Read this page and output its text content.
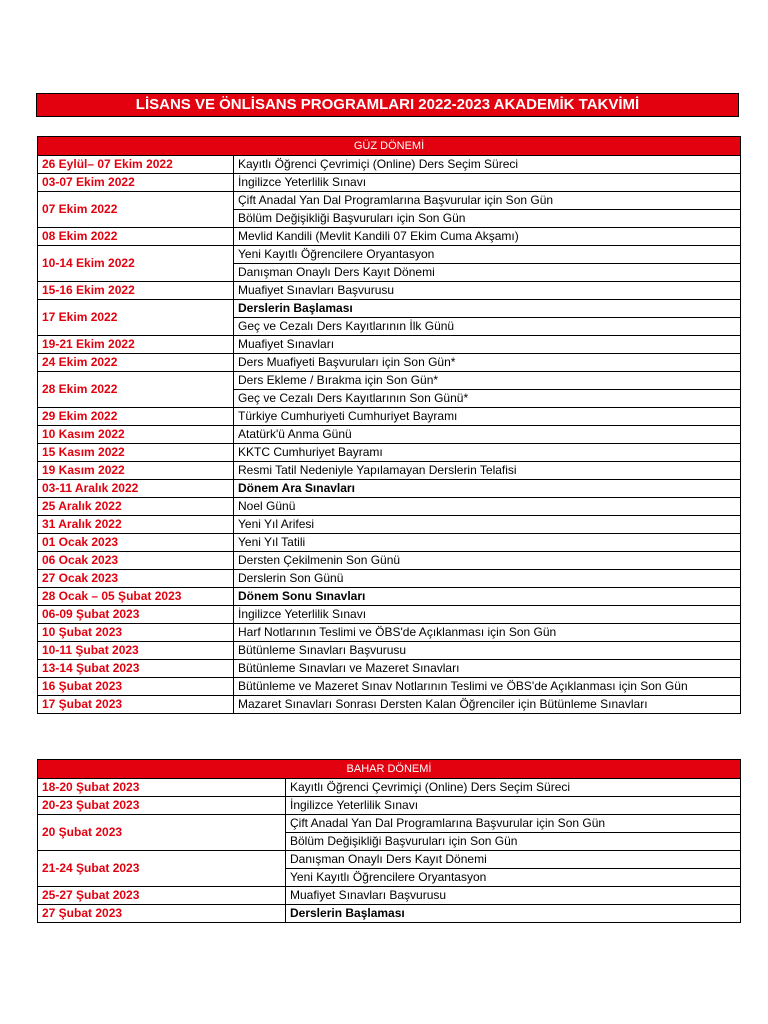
LİSANS VE ÖNLİSANS PROGRAMLARI 2022-2023 AKADEMİK TAKVİMİ
GÜZ DÖNEMİ	
26 Eylül– 07 Ekim 2022	Kayıtlı Öğrenci Çevrimiçi (Online) Ders Seçim Süreci
03-07 Ekim 2022	İngilizce Yeterlilik Sınavı
07 Ekim 2022	Çift Anadal Yan Dal Programlarına Başvurular için Son Gün
	Bölüm Değişikliği Başvuruları için Son Gün
08 Ekim 2022	Mevlid Kandili (Mevlit Kandili 07 Ekim Cuma Akşamı)
10-14 Ekim 2022	Yeni Kayıtlı Öğrencilere Oryantasyon
	Danışman Onaylı Ders Kayıt Dönemi
15-16 Ekim 2022	Muafiyet Sınavları Başvurusu
17 Ekim 2022	Derslerin Başlaması
	Geç ve Cezalı Ders Kayıtlarının İlk Günü
19-21 Ekim 2022	Muafiyet Sınavları
24 Ekim 2022	Ders Muafiyeti Başvuruları için Son Gün*
28 Ekim 2022	Ders Ekleme / Bırakma için Son Gün*
	Geç ve Cezalı Ders Kayıtlarının Son Günü*
29 Ekim 2022	Türkiye Cumhuriyeti Cumhuriyet Bayramı
10 Kasım 2022	Atatürk'ü Anma Günü
15 Kasım 2022	KKTC Cumhuriyet Bayramı
19 Kasım 2022	Resmi Tatil Nedeniyle Yapılamayan Derslerin Telafisi
03-11 Aralık 2022	Dönem Ara Sınavları
25 Aralık 2022	Noel Günü
31 Aralık 2022	Yeni Yıl Arifesi
01 Ocak 2023	Yeni Yıl Tatili
06 Ocak 2023	Dersten Çekilmenin Son Günü
27 Ocak 2023	Derslerin Son Günü
28 Ocak – 05 Şubat 2023	Dönem Sonu Sınavları
06-09 Şubat 2023	İngilizce Yeterlilik Sınavı
10 Şubat 2023	Harf Notlarının Teslimi ve ÖBS'de Açıklanması için Son Gün
10-11 Şubat 2023	Bütünleme Sınavları Başvurusu
13-14 Şubat 2023	Bütünleme Sınavları ve Mazeret Sınavları
16 Şubat 2023	Bütünleme ve Mazeret Sınav Notlarının Teslimi ve ÖBS'de Açıklanması için Son Gün
17 Şubat 2023	Mazaret Sınavları Sonrası Dersten Kalan Öğrenciler için Bütünleme Sınavları
BAHAR DÖNEMİ	
18-20 Şubat 2023	Kayıtlı Öğrenci Çevrimiçi (Online) Ders Seçim Süreci
20-23 Şubat 2023	İngilizce Yeterlilik Sınavı
20 Şubat 2023	Çift Anadal Yan Dal Programlarına Başvurular için Son Gün
	Bölüm Değişikliği Başvuruları için Son Gün
21-24 Şubat 2023	Danışman Onaylı Ders Kayıt Dönemi
	Yeni Kayıtlı Öğrencilere Oryantasyon
25-27 Şubat 2023	Muafiyet Sınavları Başvurusu
27 Şubat 2023	Derslerin Başlaması
